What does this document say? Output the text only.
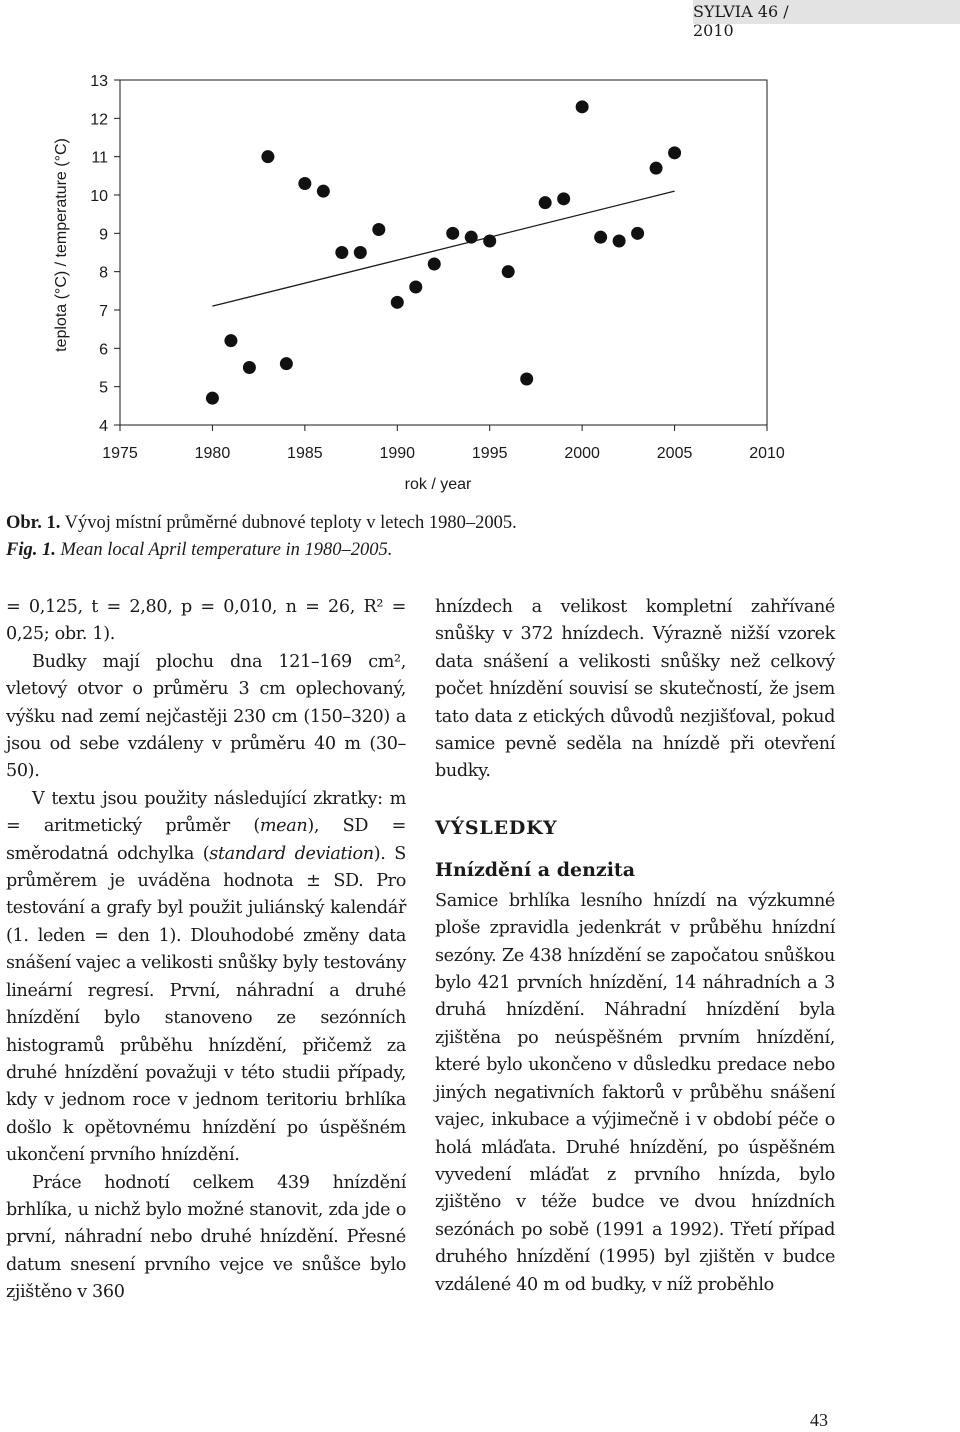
SYLVIA 46 / 2010
1975	1980	1985	1990	1995	2000	2005	2010
4
5
6
7
8
9
10
11
12
13
teplota (°C) / temperature (°C)
rok / year
Obr. 1. Vývoj místní průměrné dubnové teploty v letech 1980–2005.
Fig. 1. Mean local April temperature in 1980–2005.

= 0,125, t = 2,80, p = 0,010, n = 26, R² = 0,25; obr. 1).

Budky mají plochu dna 121–169 cm², vletový otvor o průměru 3 cm oplechovaný, výšku nad zemí nejčastěji 230 cm (150–320) a jsou od sebe vzdáleny v průměru 40 m (30–50).

V textu jsou použity následující zkratky: m = aritmetický průměr (mean), SD = směrodatná odchylka (standard deviation). S průměrem je uváděna hodnota ± SD. Pro testování a grafy byl použit juliánský kalendář (1. leden = den 1). Dlouhodobé změny data snášení vajec a velikosti snůšky byly testovány lineární regresí. První, náhradní a druhé hnízdění bylo stanoveno ze sezónních histogramů průběhu hnízdění, přičemž za druhé hnízdění považuji v této studii případy, kdy v jednom roce v jednom teritoriu brhlíka došlo k opětovnému hnízdění po úspěšném ukončení prvního hnízdění.

Práce hodnotí celkem 439 hnízdění brhlíka, u nichž bylo možné stanovit, zda jde o první, náhradní nebo druhé hnízdění. Přesné datum snesení prvního vejce ve snůšce bylo zjištěno v 360

hnízdech a velikost kompletní zahřívané snůšky v 372 hnízdech. Výrazně nižší vzorek data snášení a velikosti snůšky než celkový počet hnízdění souvisí se skutečností, že jsem tato data z etických důvodů nezjišťoval, pokud samice pevně seděla na hnízdě při otevření budky.

VÝSLEDKY
Hnízdění a denzita

Samice brhlíka lesního hnízdí na výzkumné ploše zpravidla jedenkrát v průběhu hnízdní sezóny. Ze 438 hnízdění se započatou snůškou bylo 421 prvních hnízdění, 14 náhradních a 3 druhá hnízdění. Náhradní hnízdění byla zjištěna po neúspěšném prvním hnízdění, které bylo ukončeno v důsledku predace nebo jiných negativních faktorů v průběhu snášení vajec, inkubace a výjimečně i v období péče o holá mláďata. Druhé hnízdění, po úspěšném vyvedení mláďat z prvního hnízda, bylo zjištěno v téže budce ve dvou hnízdních sezónách po sobě (1991 a 1992). Třetí případ druhého hnízdění (1995) byl zjištěn v budce vzdálené 40 m od budky, v níž proběhlo

43
